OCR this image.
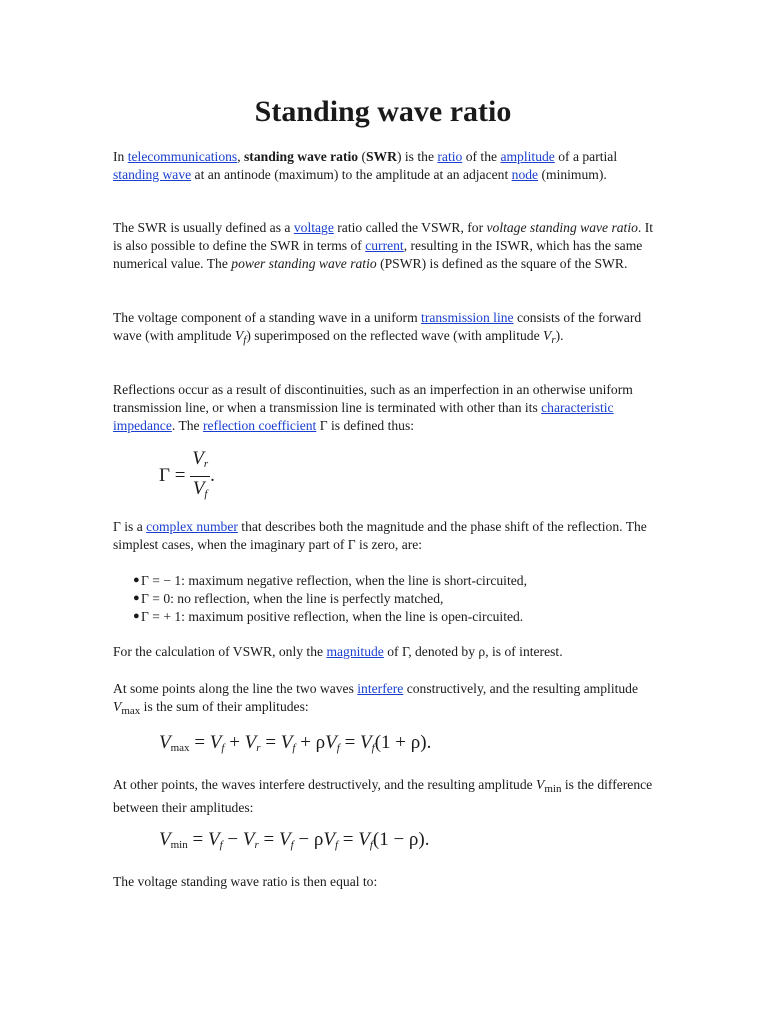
Standing wave ratio

In telecommunications, standing wave ratio (SWR) is the ratio of the amplitude of a partial standing wave at an antinode (maximum) to the amplitude at an adjacent node (minimum).

The SWR is usually defined as a voltage ratio called the VSWR, for voltage standing wave ratio. It is also possible to define the SWR in terms of current, resulting in the ISWR, which has the same numerical value. The power standing wave ratio (PSWR) is defined as the square of the SWR.

The voltage component of a standing wave in a uniform transmission line consists of the forward wave (with amplitude $V_f$) superimposed on the reflected wave (with amplitude $V_r$).

Reflections occur as a result of discontinuities, such as an imperfection in an otherwise uniform transmission line, or when a transmission line is terminated with other than its characteristic impedance. The reflection coefficient Γ is defined thus:

$\Gamma = \frac{V_r}{V_f}$ .

Γ is a complex number that describes both the magnitude and the phase shift of the reflection. The simplest cases, when the imaginary part of Γ is zero, are:

● Γ = − 1: maximum negative reflection, when the line is short-circuited,
● Γ = 0: no reflection, when the line is perfectly matched,
● Γ = + 1: maximum positive reflection, when the line is open-circuited.

For the calculation of VSWR, only the magnitude of Γ, denoted by ρ, is of interest.

At some points along the line the two waves interfere constructively, and the resulting amplitude $V_{max}$ is the sum of their amplitudes:

$V_{max} = V_f + V_r = V_f + \rho V_f = V_f(1 + \rho)$.

At other points, the waves interfere destructively, and the resulting amplitude $V_{min}$ is the difference between their amplitudes:

$V_{min} = V_f - V_r = V_f - \rho V_f = V_f(1 - \rho)$.

The voltage standing wave ratio is then equal to:
